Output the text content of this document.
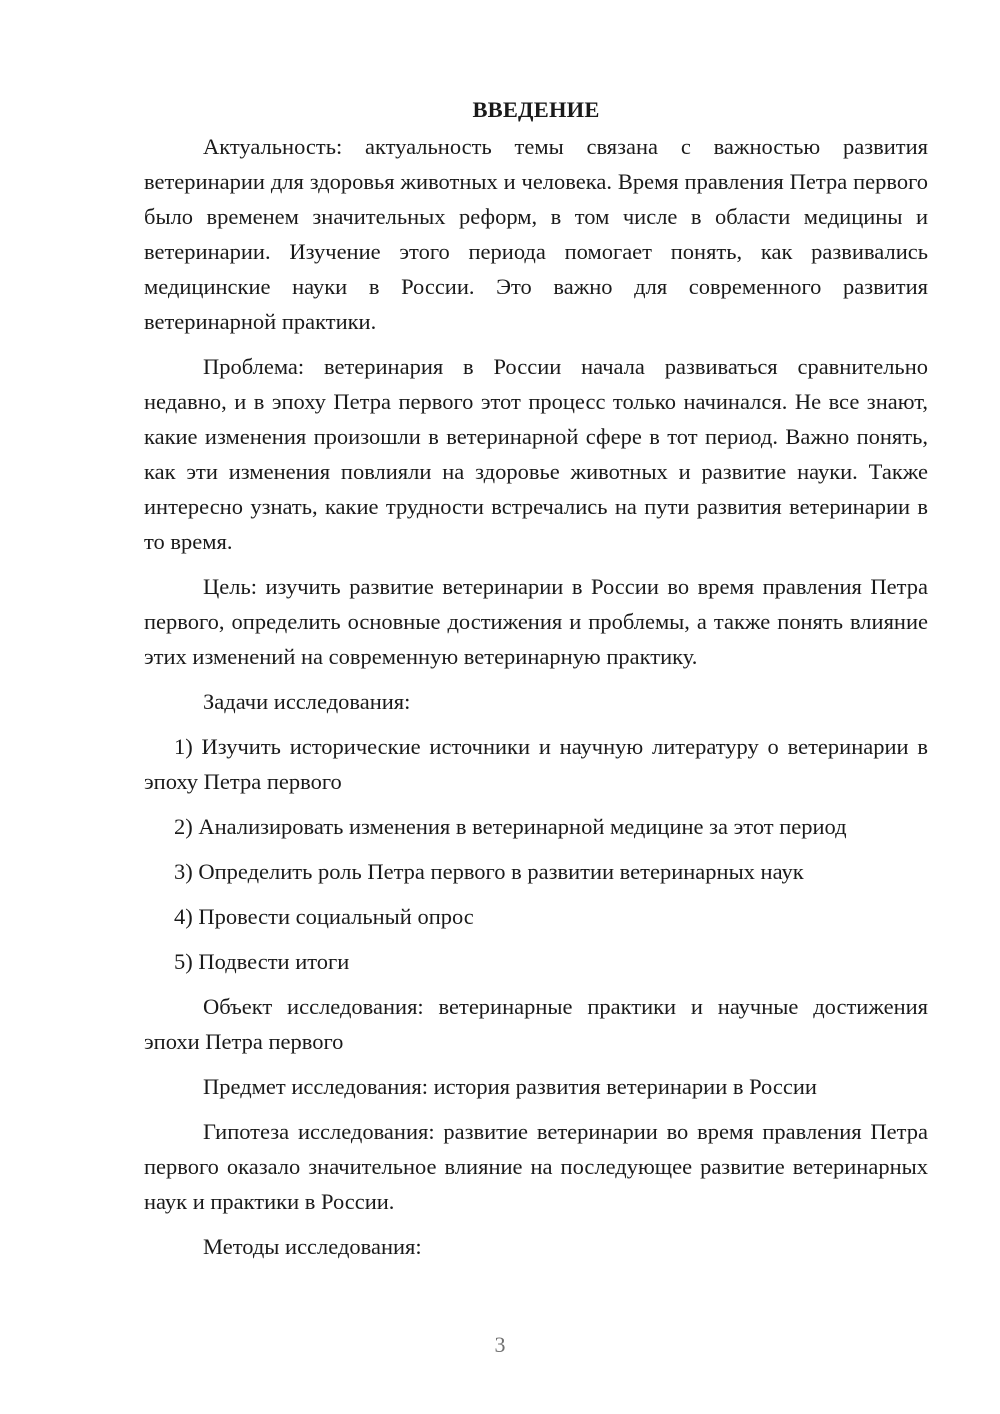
ВВЕДЕНИЕ

Актуальность: актуальность темы связана с важностью развития ветеринарии для здоровья животных и человека. Время правления Петра первого было временем значительных реформ, в том числе в области медицины и ветеринарии. Изучение этого периода помогает понять, как развивались медицинские науки в России. Это важно для современного развития ветеринарной практики.

Проблема: ветеринария в России начала развиваться сравнительно недавно, и в эпоху Петра первого этот процесс только начинался. Не все знают, какие изменения произошли в ветеринарной сфере в тот период. Важно понять, как эти изменения повлияли на здоровье животных и развитие науки. Также интересно узнать, какие трудности встречались на пути развития ветеринарии в то время.

Цель: изучить развитие ветеринарии в России во время правления Петра первого, определить основные достижения и проблемы, а также понять влияние этих изменений на современную ветеринарную практику.

Задачи исследования:

1) Изучить исторические источники и научную литературу о ветеринарии в эпоху Петра первого

2) Анализировать изменения в ветеринарной медицине за этот период

3) Определить роль Петра первого в развитии ветеринарных наук

4) Провести социальный опрос

5) Подвести итоги

Объект исследования: ветеринарные практики и научные достижения эпохи Петра первого

Предмет исследования: история развития ветеринарии в России

Гипотеза исследования: развитие ветеринарии во время правления Петра первого оказало значительное влияние на последующее развитие ветеринарных наук и практики в России.

Методы исследования:

3
